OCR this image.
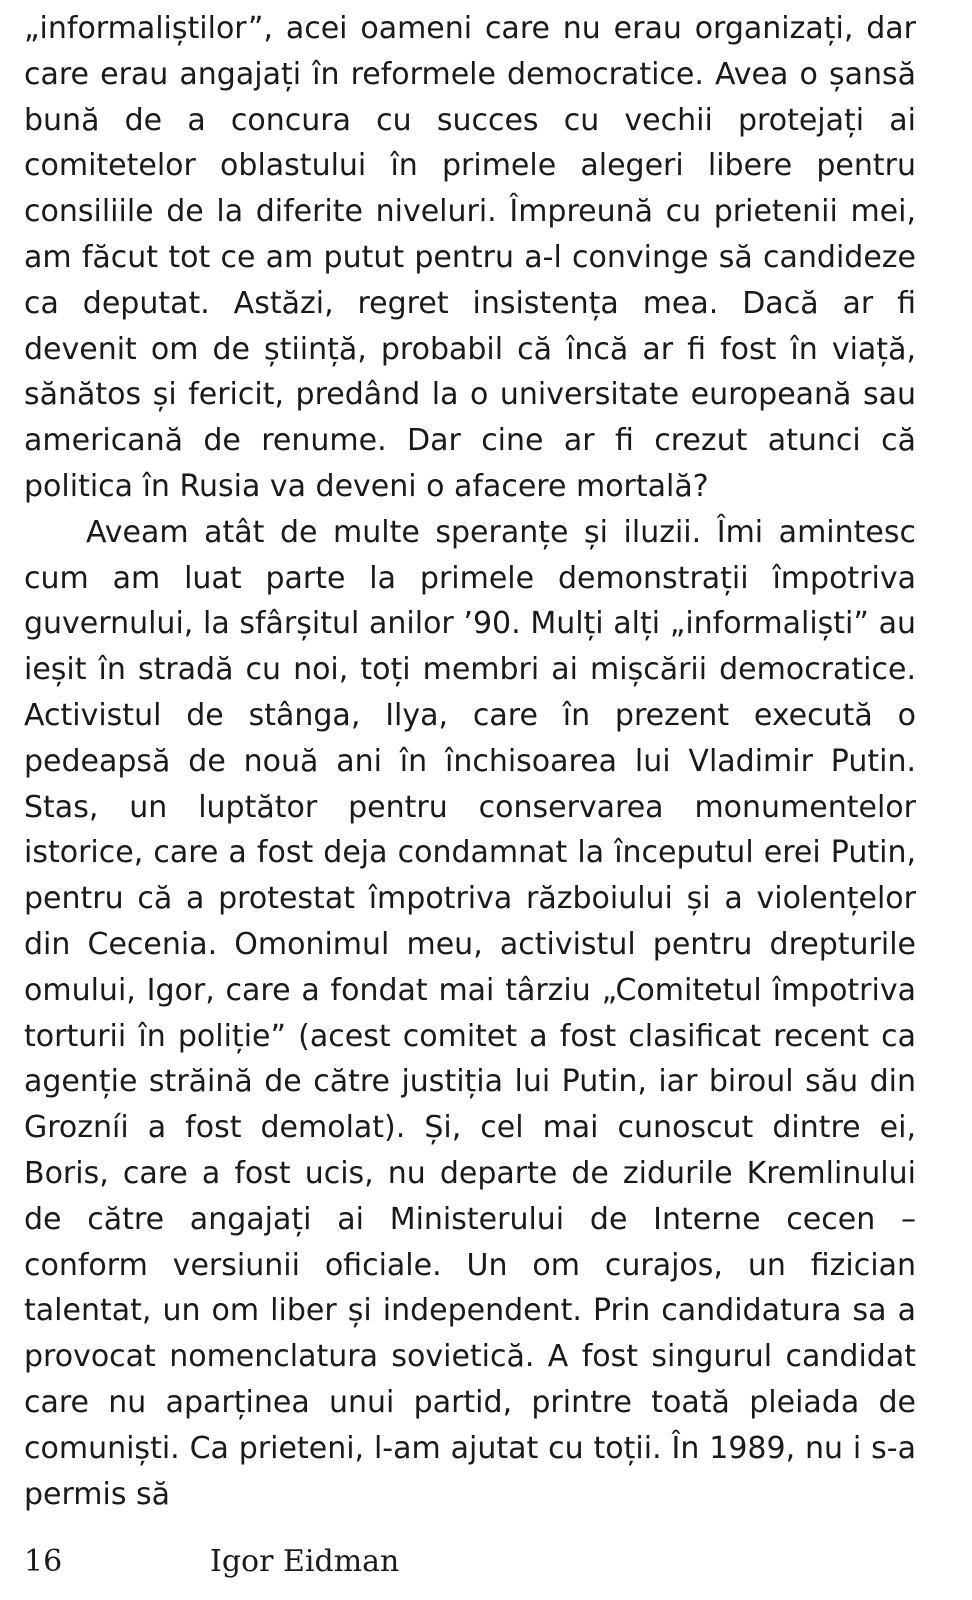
„informaliștilor”, acei oameni care nu erau organizați, dar care erau angajați în reformele democratice. Avea o șansă bună de a concura cu succes cu vechii protejați ai comitetelor oblastului în primele alegeri libere pentru consiliile de la diferite niveluri. Împreună cu prietenii mei, am făcut tot ce am putut pentru a-l convinge să candideze ca deputat. Astăzi, regret insistența mea. Dacă ar fi devenit om de știință, probabil că încă ar fi fost în viață, sănătos și fericit, predând la o universitate europeană sau americană de renume. Dar cine ar fi crezut atunci că politica în Rusia va deveni o afacere mortală?

Aveam atât de multe speranțe și iluzii. Îmi amintesc cum am luat parte la primele demonstrații împotriva guvernului, la sfârșitul anilor ’90. Mulți alți „informaliști” au ieșit în stradă cu noi, toți membri ai mișcării democratice. Activistul de stânga, Ilya, care în prezent execută o pedeapsă de nouă ani în închisoarea lui Vladimir Putin. Stas, un luptător pentru conservarea monumentelor istorice, care a fost deja condamnat la începutul erei Putin, pentru că a protestat împotriva războiului și a violențelor din Cecenia. Omonimul meu, activistul pentru drepturile omului, Igor, care a fondat mai târziu „Comitetul împotriva torturii în poliție” (acest comitet a fost clasificat recent ca agenție străină de către justiția lui Putin, iar biroul său din Grozníi a fost demolat). Și, cel mai cunoscut dintre ei, Boris, care a fost ucis, nu departe de zidurile Kremlinului de către angajați ai Ministerului de Interne cecen – conform versiunii oficiale. Un om curajos, un fizician talentat, un om liber și independent. Prin candidatura sa a provocat nomenclatura sovietică. A fost singurul candidat care nu aparținea unui partid, printre toată pleiada de comuniști. Ca prieteni, l-am ajutat cu toții. În 1989, nu i s-a permis să

16	Igor Eidman
